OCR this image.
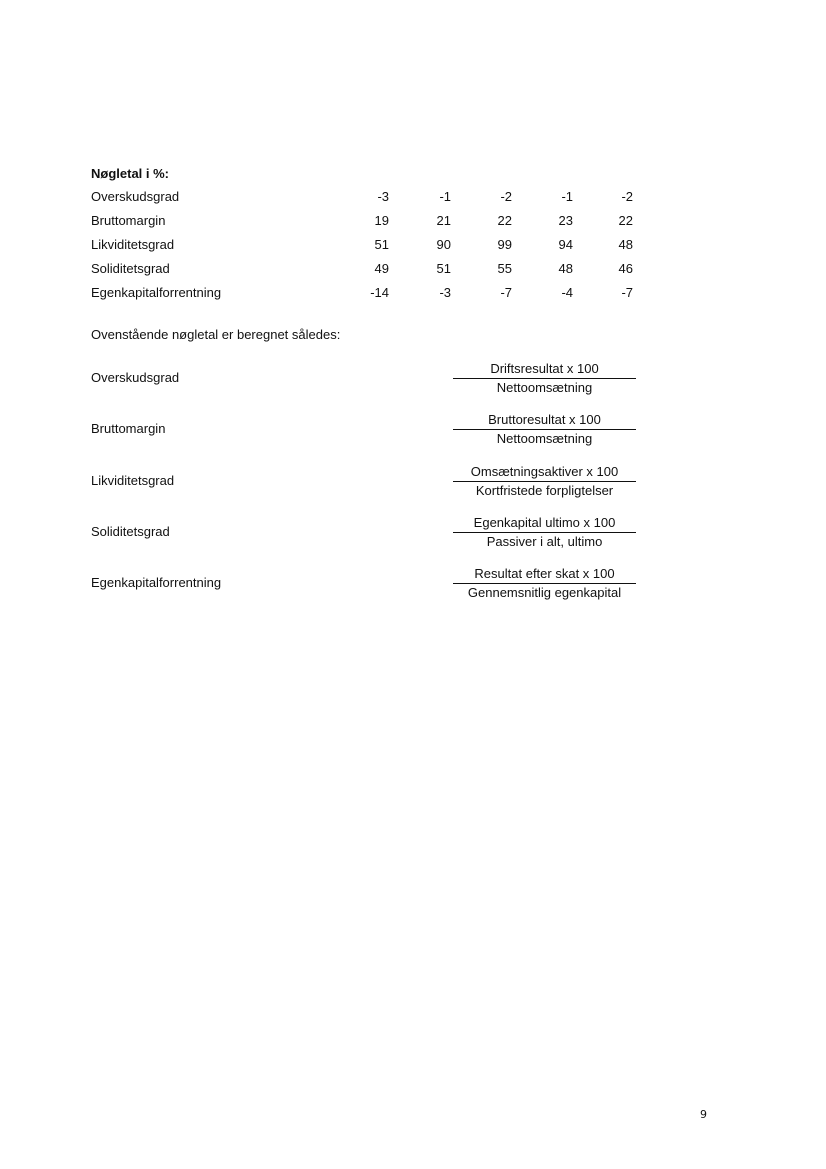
Nøgletal i %:
Overskudsgrad	-3	-1	-2	-1	-2
Bruttomargin	19	21	22	23	22
Likviditetsgrad	51	90	99	94	48
Soliditetsgrad	49	51	55	48	46
Egenkapitalforrentning	-14	-3	-7	-4	-7
Ovenstående nøgletal er beregnet således:
Overskudsgrad
Driftsresultat x 100
Nettoomsætning
Bruttomargin
Bruttoresultat x 100
Nettoomsætning
Likviditetsgrad
Omsætningsaktiver x 100
Kortfristede forpligtelser
Soliditetsgrad
Egenkapital ultimo x 100
Passiver i alt, ultimo
Egenkapitalforrentning
Resultat efter skat x 100
Gennemsnitlig egenkapital
9
